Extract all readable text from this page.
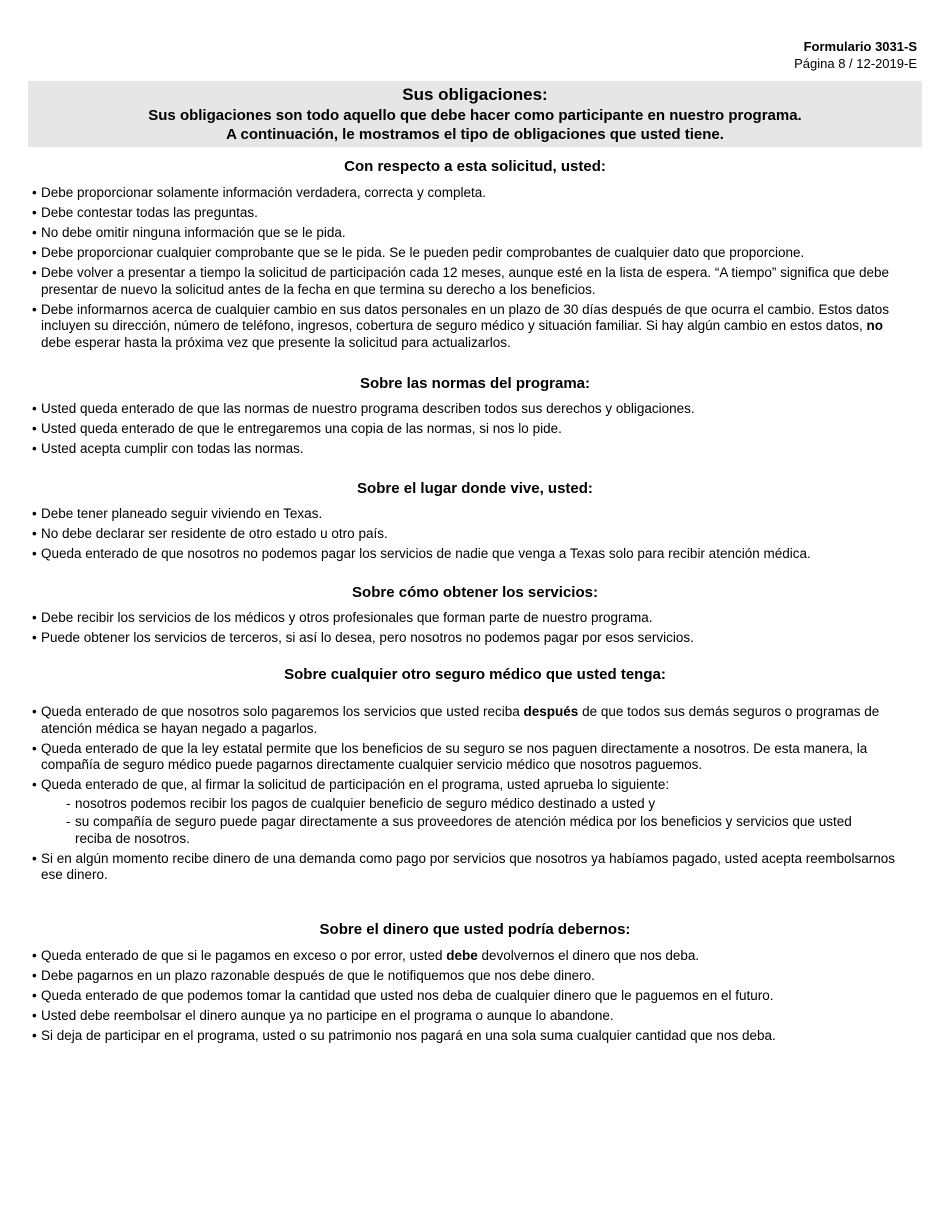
Formulario 3031-S
Página 8 / 12-2019-E
Sus obligaciones:
Sus obligaciones son todo aquello que debe hacer como participante en nuestro programa.
A continuación, le mostramos el tipo de obligaciones que usted tiene.
Con respecto a esta solicitud, usted:
• Debe proporcionar solamente información verdadera, correcta y completa.
• Debe contestar todas las preguntas.
• No debe omitir ninguna información que se le pida.
• Debe proporcionar cualquier comprobante que se le pida. Se le pueden pedir comprobantes de cualquier dato que proporcione.
• Debe volver a presentar a tiempo la solicitud de participación cada 12 meses, aunque esté en la lista de espera. “A tiempo” significa que debe presentar de nuevo la solicitud antes de la fecha en que termina su derecho a los beneficios.
• Debe informarnos acerca de cualquier cambio en sus datos personales en un plazo de 30 días después de que ocurra el cambio. Estos datos incluyen su dirección, número de teléfono, ingresos, cobertura de seguro médico y situación familiar. Si hay algún cambio en estos datos, no debe esperar hasta la próxima vez que presente la solicitud para actualizarlos.
Sobre las normas del programa:
• Usted queda enterado de que las normas de nuestro programa describen todos sus derechos y obligaciones.
• Usted queda enterado de que le entregaremos una copia de las normas, si nos lo pide.
• Usted acepta cumplir con todas las normas.
Sobre el lugar donde vive, usted:
• Debe tener planeado seguir viviendo en Texas.
• No debe declarar ser residente de otro estado u otro país.
• Queda enterado de que nosotros no podemos pagar los servicios de nadie que venga a Texas solo para recibir atención médica.
Sobre cómo obtener los servicios:
• Debe recibir los servicios de los médicos y otros profesionales que forman parte de nuestro programa.
• Puede obtener los servicios de terceros, si así lo desea, pero nosotros no podemos pagar por esos servicios.
Sobre cualquier otro seguro médico que usted tenga:
• Queda enterado de que nosotros solo pagaremos los servicios que usted reciba después de que todos sus demás seguros o programas de atención médica se hayan negado a pagarlos.
• Queda enterado de que la ley estatal permite que los beneficios de su seguro se nos paguen directamente a nosotros. De esta manera, la compañía de seguro médico puede pagarnos directamente cualquier servicio médico que nosotros paguemos.
• Queda enterado de que, al firmar la solicitud de participación en el programa, usted aprueba lo siguiente:
- nosotros podemos recibir los pagos de cualquier beneficio de seguro médico destinado a usted y
- su compañía de seguro puede pagar directamente a sus proveedores de atención médica por los beneficios y servicios que usted reciba de nosotros.
• Si en algún momento recibe dinero de una demanda como pago por servicios que nosotros ya habíamos pagado, usted acepta reembolsarnos ese dinero.
Sobre el dinero que usted podría debernos:
• Queda enterado de que si le pagamos en exceso o por error, usted debe devolvernos el dinero que nos deba.
• Debe pagarnos en un plazo razonable después de que le notifiquemos que nos debe dinero.
• Queda enterado de que podemos tomar la cantidad que usted nos deba de cualquier dinero que le paguemos en el futuro.
• Usted debe reembolsar el dinero aunque ya no participe en el programa o aunque lo abandone.
• Si deja de participar en el programa, usted o su patrimonio nos pagará en una sola suma cualquier cantidad que nos deba.
